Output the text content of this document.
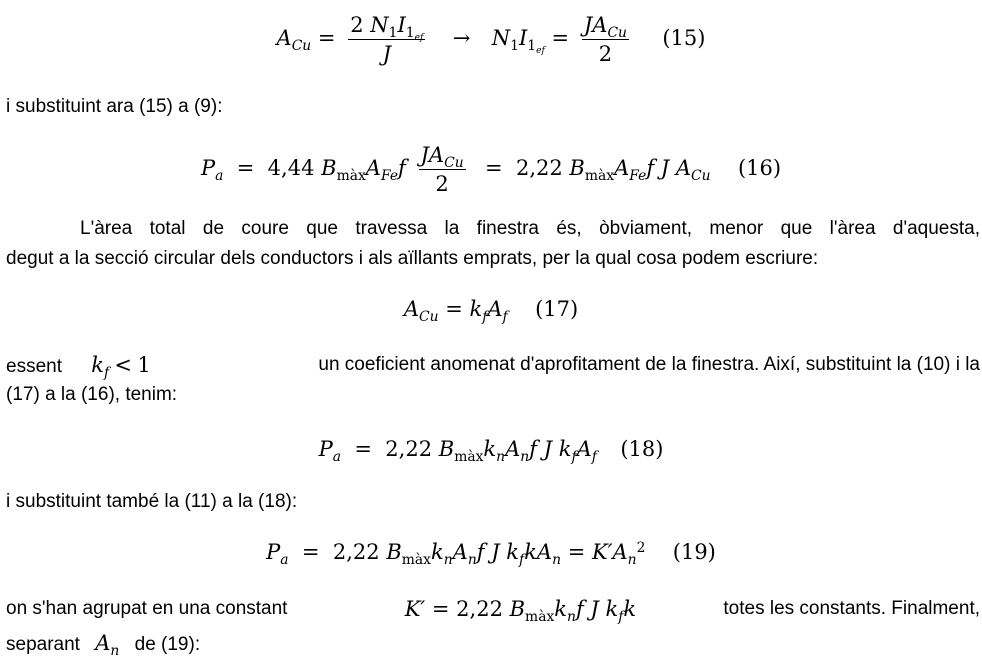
$A_{Cu} = \frac{2 N_1I_{1_{ef}}}{J} \to N_1I_{1_{ef}} = \frac{JA_{Cu}}{2} (15)$
i substituint ara (15) a (9):
$P_a = 4,44$ $B_{màx}A_{Fe}f \frac{JA_{Cu}}{2} = 2,22$ $B_{màx}A_{Fe}f$ J $A_{Cu}$ (16)
L'àrea total de coure que travessa la finestra és, òbviament, menor que l'àrea d'aquesta,
degut a la secció circular dels conductors i als aïllants emprats, per la qual cosa podem escriure:
$A_{Cu} = k_fA_f$ (17)
essent $k_f < 1$	un coeficient anomenat d'aprofitament de la finestra. Així, substituint la (10) i la
(17) a la (16), tenim:
$P_a = 2,22$ $B_{màx}k_nA_nf$ J $k_fA_f$ (18)
i substituint també la (11) a la (18):
$P_a = 2,22$ $B_{màx}k_nA_nf$ J $k_fkA_n = K'A_n^2$ (19)
on s'han agrupat en una constant	K′ = 2,22 $B_{màx}k_nf$ J $k_fk$	totes les constants. Finalment,
separant $A_n$ de (19):
